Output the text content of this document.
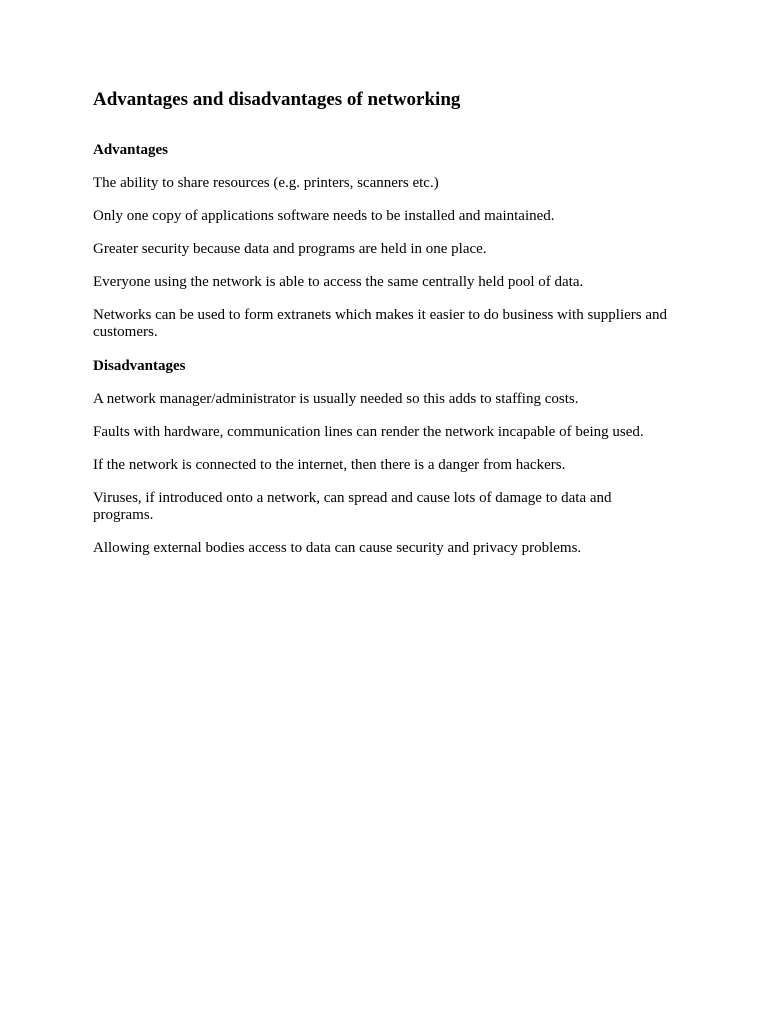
Advantages and disadvantages of networking
Advantages

The ability to share resources (e.g. printers, scanners etc.)

Only one copy of applications software needs to be installed and maintained.

Greater security because data and programs are held in one place.

Everyone using the network is able to access the same centrally held pool of data.

Networks can be used to form extranets which makes it easier to do business with suppliers and customers.

Disadvantages

A network manager/administrator is usually needed so this adds to staffing costs.

Faults with hardware, communication lines can render the network incapable of being used.

If the network is connected to the internet, then there is a danger from hackers.

Viruses, if introduced onto a network, can spread and cause lots of damage to data and programs.

Allowing external bodies access to data can cause security and privacy problems.
